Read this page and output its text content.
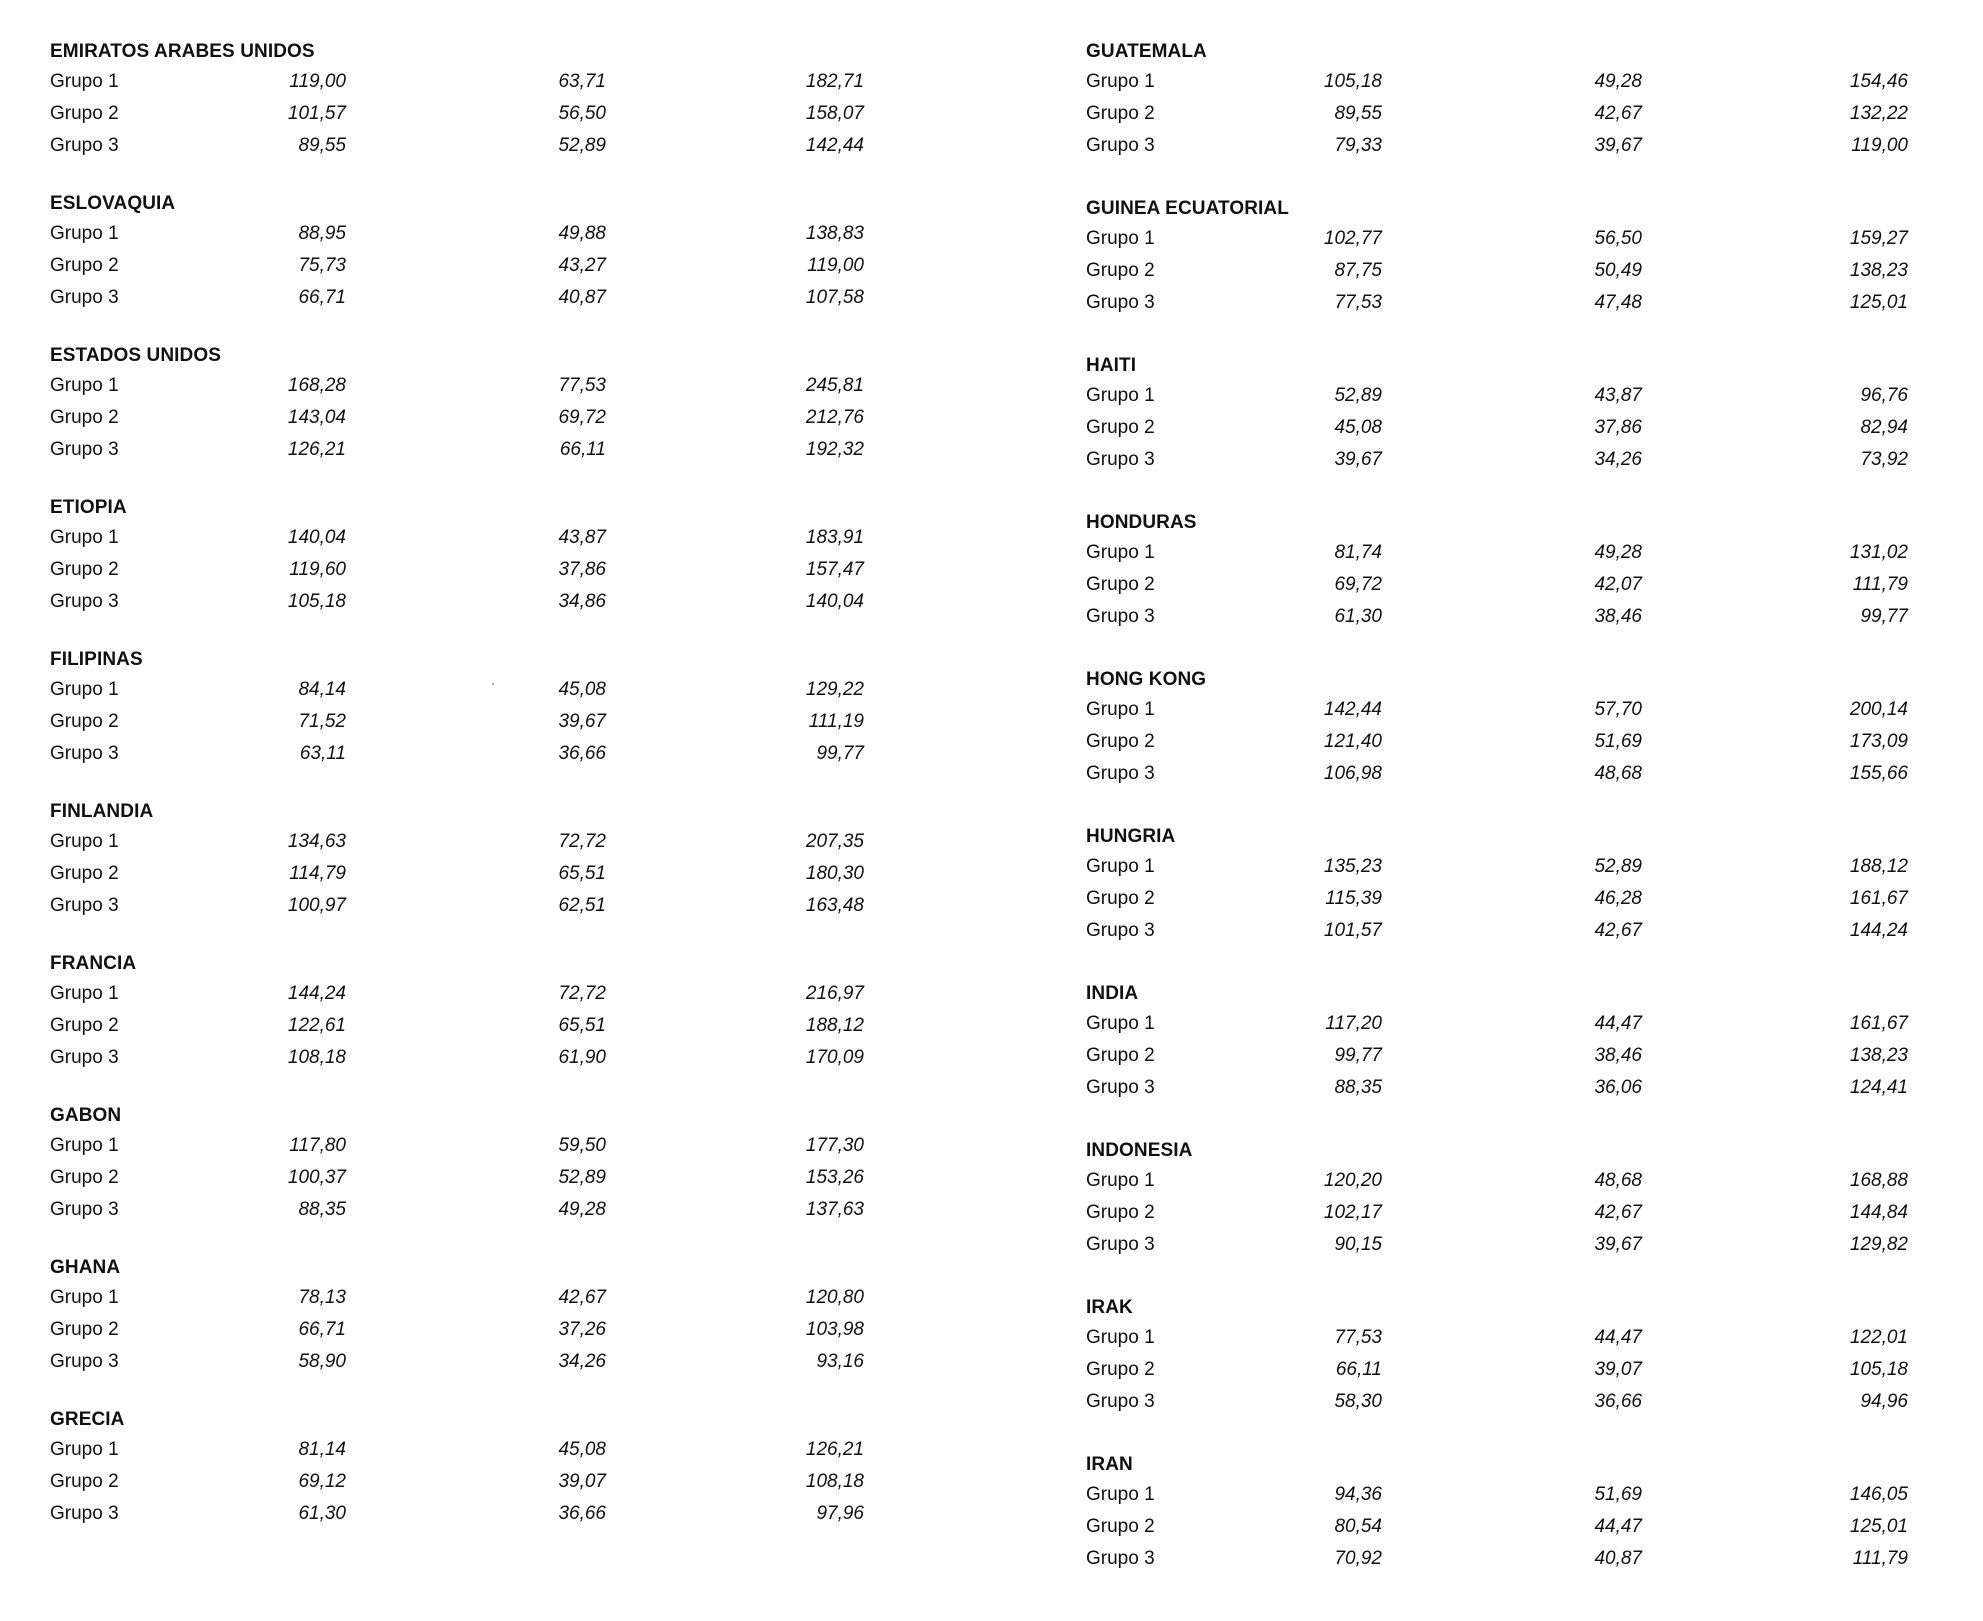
EMIRATOS ARABES UNIDOS
Grupo 1	119,00	63,71	182,71
Grupo 2	101,57	56,50	158,07
Grupo 3	89,55	52,89	142,44
ESLOVAQUIA
Grupo 1	88,95	49,88	138,83
Grupo 2	75,73	43,27	119,00
Grupo 3	66,71	40,87	107,58
ESTADOS UNIDOS
Grupo 1	168,28	77,53	245,81
Grupo 2	143,04	69,72	212,76
Grupo 3	126,21	66,11	192,32
ETIOPIA
Grupo 1	140,04	43,87	183,91
Grupo 2	119,60	37,86	157,47
Grupo 3	105,18	34,86	140,04
FILIPINAS
Grupo 1	84,14	45,08	129,22
Grupo 2	71,52	39,67	111,19
Grupo 3	63,11	36,66	99,77
FINLANDIA
Grupo 1	134,63	72,72	207,35
Grupo 2	114,79	65,51	180,30
Grupo 3	100,97	62,51	163,48
FRANCIA
Grupo 1	144,24	72,72	216,97
Grupo 2	122,61	65,51	188,12
Grupo 3	108,18	61,90	170,09
GABON
Grupo 1	117,80	59,50	177,30
Grupo 2	100,37	52,89	153,26
Grupo 3	88,35	49,28	137,63
GHANA
Grupo 1	78,13	42,67	120,80
Grupo 2	66,71	37,26	103,98
Grupo 3	58,90	34,26	93,16
GRECIA
Grupo 1	81,14	45,08	126,21
Grupo 2	69,12	39,07	108,18
Grupo 3	61,30	36,66	97,96
GUATEMALA
Grupo 1	105,18	49,28	154,46
Grupo 2	89,55	42,67	132,22
Grupo 3	79,33	39,67	119,00
GUINEA ECUATORIAL
Grupo 1	102,77	56,50	159,27
Grupo 2	87,75	50,49	138,23
Grupo 3	77,53	47,48	125,01
HAITI
Grupo 1	52,89	43,87	96,76
Grupo 2	45,08	37,86	82,94
Grupo 3	39,67	34,26	73,92
HONDURAS
Grupo 1	81,74	49,28	131,02
Grupo 2	69,72	42,07	111,79
Grupo 3	61,30	38,46	99,77
HONG KONG
Grupo 1	142,44	57,70	200,14
Grupo 2	121,40	51,69	173,09
Grupo 3	106,98	48,68	155,66
HUNGRIA
Grupo 1	135,23	52,89	188,12
Grupo 2	115,39	46,28	161,67
Grupo 3	101,57	42,67	144,24
INDIA
Grupo 1	117,20	44,47	161,67
Grupo 2	99,77	38,46	138,23
Grupo 3	88,35	36,06	124,41
INDONESIA
Grupo 1	120,20	48,68	168,88
Grupo 2	102,17	42,67	144,84
Grupo 3	90,15	39,67	129,82
IRAK
Grupo 1	77,53	44,47	122,01
Grupo 2	66,11	39,07	105,18
Grupo 3	58,30	36,66	94,96
IRAN
Grupo 1	94,36	51,69	146,05
Grupo 2	80,54	44,47	125,01
Grupo 3	70,92	40,87	111,79
